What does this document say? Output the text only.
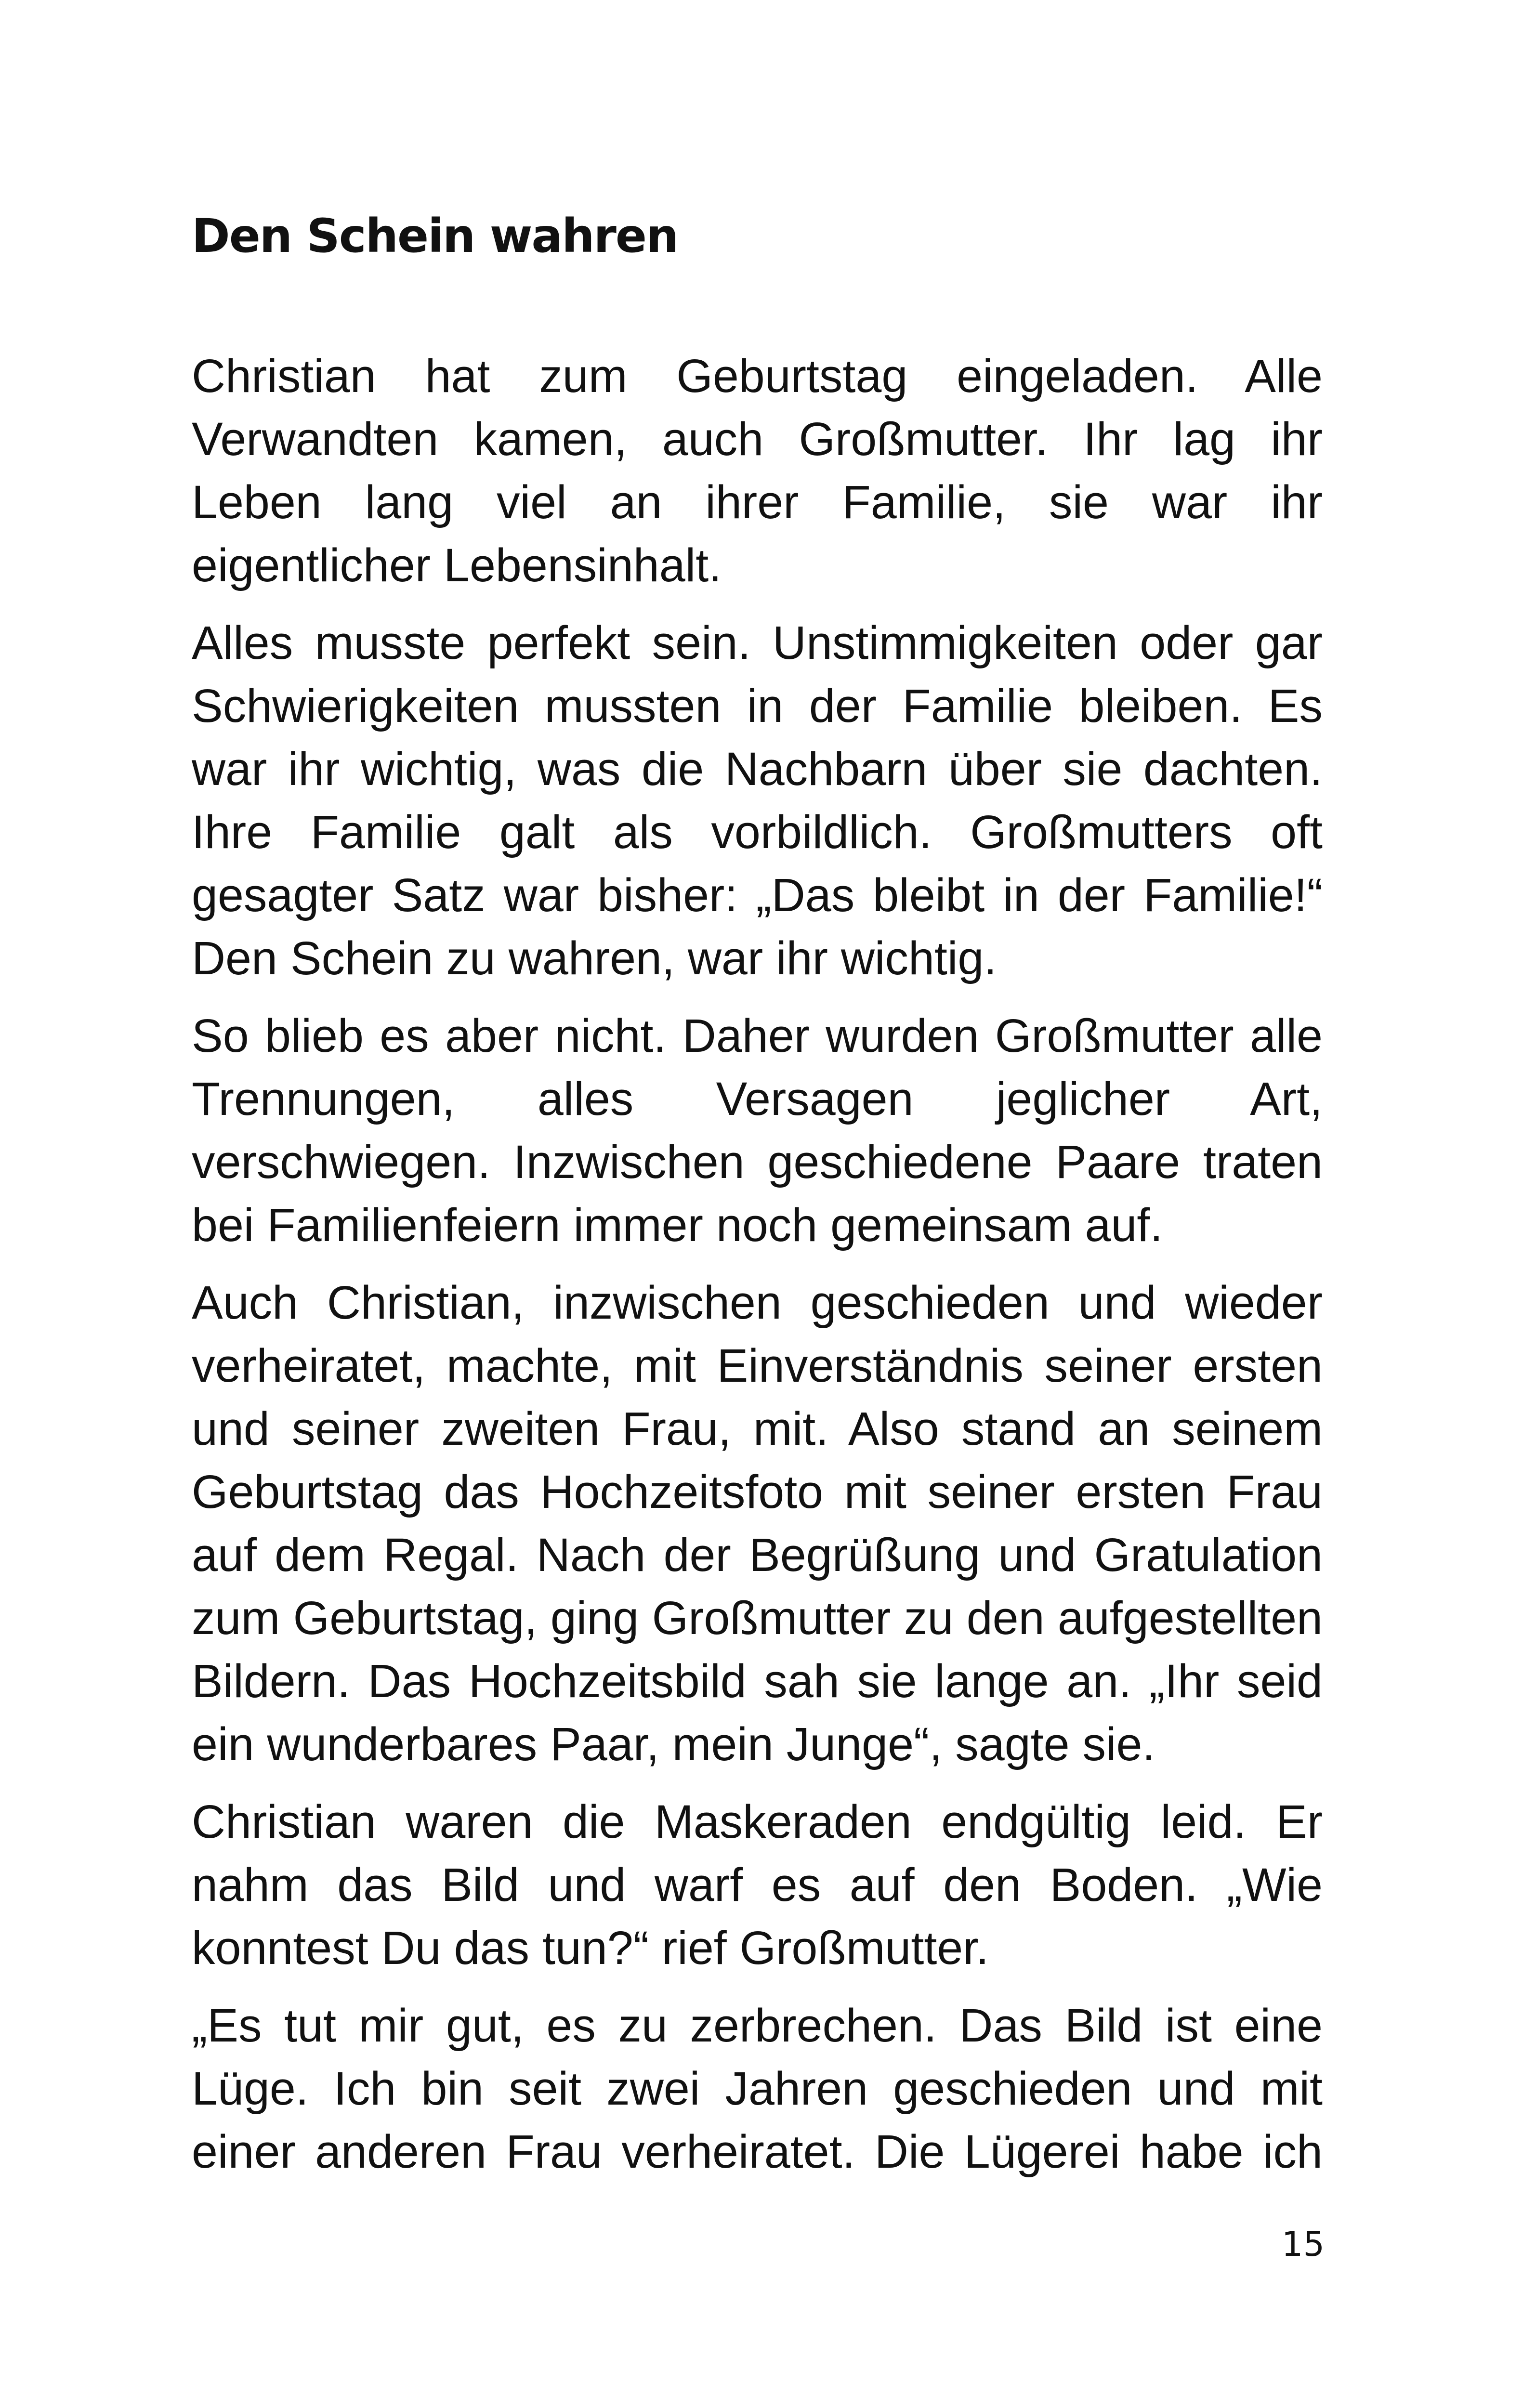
Den Schein wahren

Christian hat zum Geburtstag eingeladen. Alle Verwandten kamen, auch Großmutter. Ihr lag ihr Leben lang viel an ihrer Familie, sie war ihr eigentlicher Lebensinhalt.

Alles musste perfekt sein. Unstimmigkeiten oder gar Schwierigkeiten mussten in der Familie bleiben. Es war ihr wichtig, was die Nachbarn über sie dachten. Ihre Familie galt als vorbildlich. Großmutters oft gesagter Satz war bisher: „Das bleibt in der Familie!“ Den Schein zu wahren, war ihr wichtig.

So blieb es aber nicht. Daher wurden Großmutter alle Trennungen, alles Versagen jeglicher Art, verschwiegen. Inzwischen geschiedene Paare traten bei Familienfeiern immer noch gemeinsam auf.

Auch Christian, inzwischen geschieden und wieder verheiratet, machte, mit Einverständnis seiner ersten und seiner zweiten Frau, mit. Also stand an seinem Geburtstag das Hochzeitsfoto mit seiner ersten Frau auf dem Regal. Nach der Begrüßung und Gratulation zum Geburtstag, ging Großmutter zu den aufgestellten Bildern. Das Hochzeitsbild sah sie lange an. „Ihr seid ein wunderbares Paar, mein Junge“, sagte sie.

Christian waren die Maskeraden endgültig leid. Er nahm das Bild und warf es auf den Boden. „Wie konntest Du das tun?“ rief Großmutter.

„Es tut mir gut, es zu zerbrechen. Das Bild ist eine Lüge. Ich bin seit zwei Jahren geschieden und mit einer anderen Frau verheiratet. Die Lügerei habe ich

15
